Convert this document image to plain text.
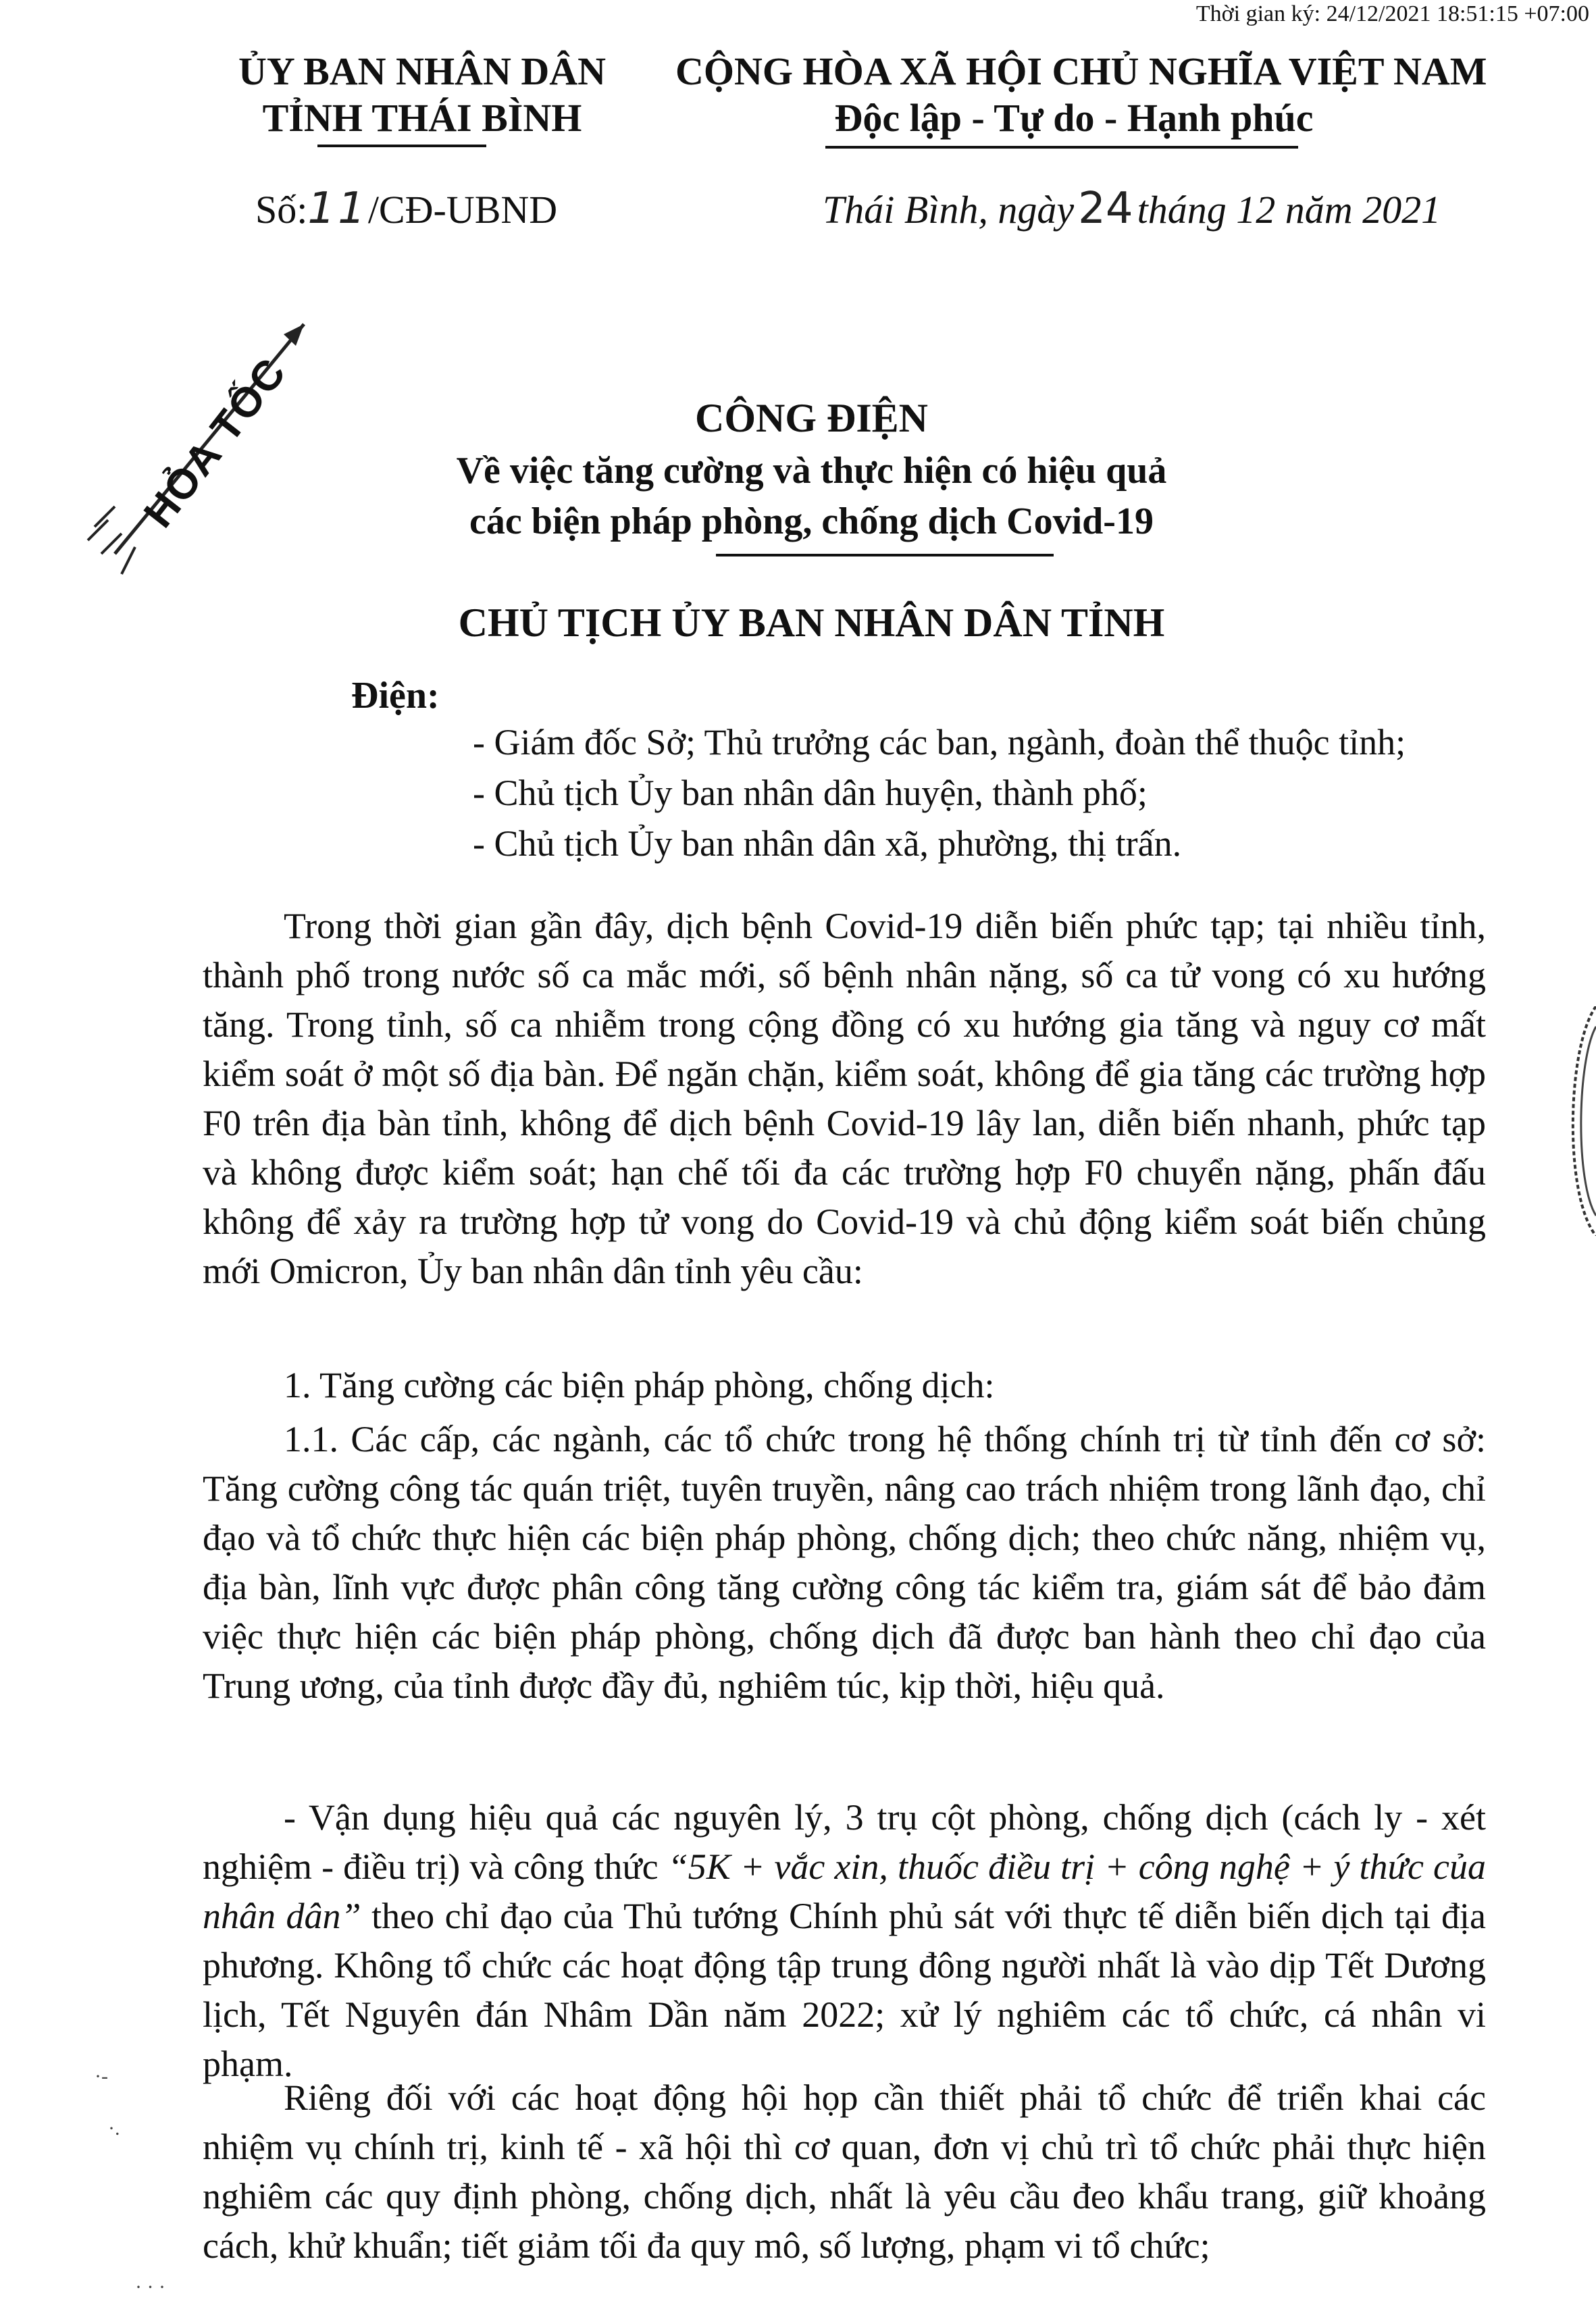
Thời gian ký: 24/12/2021 18:51:15 +07:00
ỦY BAN NHÂN DÂN
TỈNH THÁI BÌNH
CỘNG HÒA XÃ HỘI CHỦ NGHĨA VIỆT NAM
Độc lập - Tự do - Hạnh phúc
Số:11/CĐ-UBND	Thái Bình, ngày24 tháng 12 năm 2021
HỎA TỐC	CÔNG ĐIỆN
Về việc tăng cường và thực hiện có hiệu quả
các biện pháp phòng, chống dịch Covid-19
CHỦ TỊCH ỦY BAN NHÂN DÂN TỈNH
Điện:
- Giám đốc Sở; Thủ trưởng các ban, ngành, đoàn thể thuộc tỉnh;
- Chủ tịch Ủy ban nhân dân huyện, thành phố;
- Chủ tịch Ủy ban nhân dân xã, phường, thị trấn.
Trong thời gian gần đây, dịch bệnh Covid-19 diễn biến phức tạp; tại nhiều tỉnh, thành phố trong nước số ca mắc mới, số bệnh nhân nặng, số ca tử vong có xu hướng tăng. Trong tỉnh, số ca nhiễm trong cộng đồng có xu hướng gia tăng và nguy cơ mất kiểm soát ở một số địa bàn. Để ngăn chặn, kiểm soát, không để gia tăng các trường hợp F0 trên địa bàn tỉnh, không để dịch bệnh Covid-19 lây lan, diễn biến nhanh, phức tạp và không được kiểm soát; hạn chế tối đa các trường hợp F0 chuyển nặng, phấn đấu không để xảy ra trường hợp tử vong do Covid-19 và chủ động kiểm soát biến chủng mới Omicron, Ủy ban nhân dân tỉnh yêu cầu:
1. Tăng cường các biện pháp phòng, chống dịch:
1.1. Các cấp, các ngành, các tổ chức trong hệ thống chính trị từ tỉnh đến cơ sở: Tăng cường công tác quán triệt, tuyên truyền, nâng cao trách nhiệm trong lãnh đạo, chỉ đạo và tổ chức thực hiện các biện pháp phòng, chống dịch; theo chức năng, nhiệm vụ, địa bàn, lĩnh vực được phân công tăng cường công tác kiểm tra, giám sát để bảo đảm việc thực hiện các biện pháp phòng, chống dịch đã được ban hành theo chỉ đạo của Trung ương, của tỉnh được đầy đủ, nghiêm túc, kịp thời, hiệu quả.
- Vận dụng hiệu quả các nguyên lý, 3 trụ cột phòng, chống dịch (cách ly - xét nghiệm - điều trị) và công thức “5K + vắc xin, thuốc điều trị + công nghệ + ý thức của nhân dân” theo chỉ đạo của Thủ tướng Chính phủ sát với thực tế diễn biến dịch tại địa phương. Không tổ chức các hoạt động tập trung đông người nhất là vào dịp Tết Dương lịch, Tết Nguyên đán Nhâm Dần năm 2022; xử lý nghiêm các tổ chức, cá nhân vi phạm.
Riêng đối với các hoạt động hội họp cần thiết phải tổ chức để triển khai các nhiệm vụ chính trị, kinh tế - xã hội thì cơ quan, đơn vị chủ trì tổ chức phải thực hiện nghiêm các quy định phòng, chống dịch, nhất là yêu cầu đeo khẩu trang, giữ khoảng cách, khử khuẩn; tiết giảm tối đa quy mô, số lượng, phạm vi tổ chức;
·-
·.
· · ·
